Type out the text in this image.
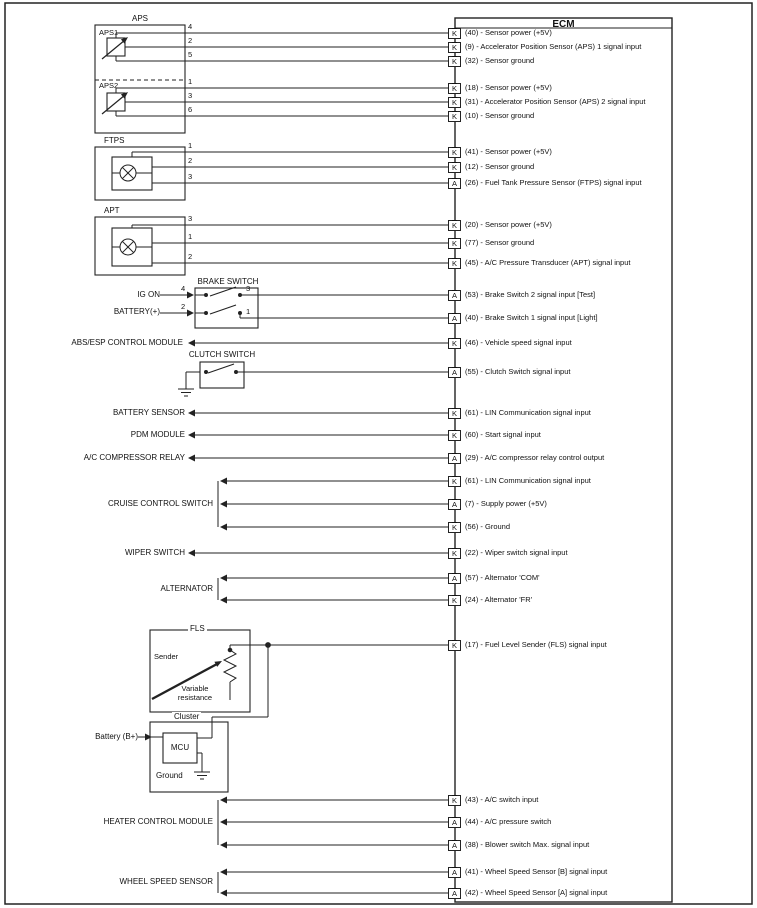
ECM
APS
APS1
APS2
FTPS
APT
BRAKE SWITCH
IG ON
BATTERY(+)
CLUTCH SWITCH
FLS
Sender
Variable
resistance
Cluster
MCU
Battery (B+)
Ground
$\overline{K}$	(40) - Sensor power (+5V)
$\overline{K}$	(9) - Accelerator Position Sensor (APS) 1 signal input
$\overline{K}$	(32) - Sensor ground
$\overline{K}$	(18) - Sensor power (+5V)
$\overline{K}$	(31) - Accelerator Position Sensor (APS) 2 signal input
$\overline{K}$	(10) - Sensor ground
$\overline{K}$	(41) - Sensor power (+5V)
$\overline{K}$	(12) - Sensor ground
$\overline{A}$	(26) - Fuel Tank Pressure Sensor (FTPS) signal input
$\overline{K}$	(20) - Sensor power (+5V)
$\overline{K}$	(77) - Sensor ground
$\overline{K}$	(45) - A/C Pressure Transducer (APT) signal input
$\overline{A}$	(53) - Brake Switch 2 signal input [Test]
$\overline{A}$	(40) - Brake Switch 1 signal input [Light]
$\overline{K}$	(46) - Vehicle speed signal input
$\overline{A}$	(55) - Clutch Switch signal input
$\overline{K}$	(61) - LIN Communication signal input
$\overline{K}$	(60) - Start signal input
$\overline{A}$	(29) - A/C compressor relay control output
$\overline{K}$	(61) - LIN Communication signal input
$\overline{A}$	(7) - Supply power (+5V)
$\overline{K}$	(56) - Ground
$\overline{K}$	(22) - Wiper switch signal input
$\overline{A}$	(57) - Alternator 'COM'
$\overline{K}$	(24) - Alternator 'FR'
$\overline{K}$	(17) - Fuel Level Sender (FLS) signal input
$\overline{K}$	(43) - A/C switch input
$\overline{A}$	(44) - A/C pressure switch
$\overline{A}$	(38) - Blower switch Max. signal input
$\overline{A}$	(41) - Wheel Speed Sensor [B] signal input
$\overline{A}$	(42) - Wheel Speed Sensor [A] signal input
4
2
5
1
3
6
1
2
3
3
1
2
4
2
3
1
ABS/ESP CONTROL MODULE
BATTERY SENSOR
PDM MODULE
A/C COMPRESSOR RELAY
CRUISE CONTROL SWITCH
WIPER SWITCH
ALTERNATOR
HEATER CONTROL MODULE
WHEEL SPEED SENSOR
